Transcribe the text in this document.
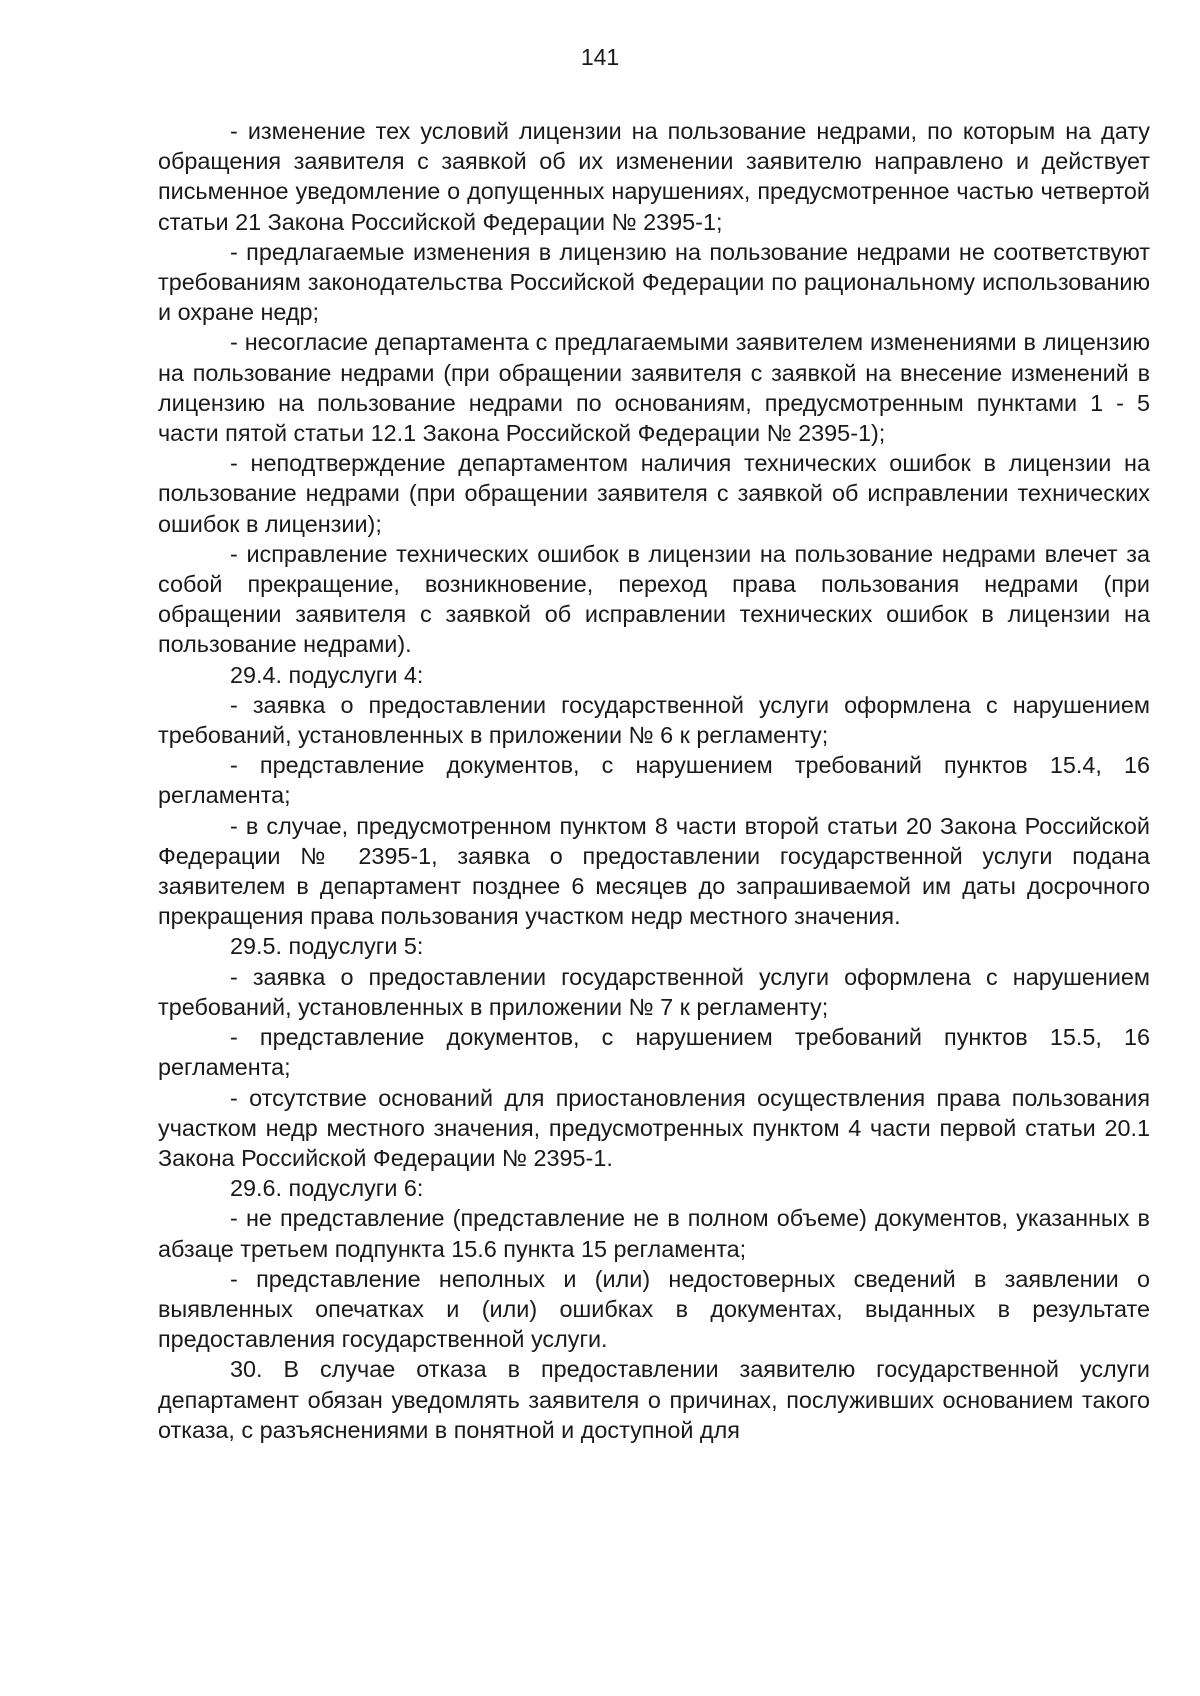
141

- изменение тех условий лицензии на пользование недрами, по которым на дату обращения заявителя с заявкой об их изменении заявителю направлено и действует письменное уведомление о допущенных нарушениях, предусмотренное частью четвертой статьи 21 Закона Российской Федерации № 2395-1;

- предлагаемые изменения в лицензию на пользование недрами не соответствуют требованиям законодательства Российской Федерации по рациональному использованию и охране недр;

- несогласие департамента с предлагаемыми заявителем изменениями в лицензию на пользование недрами (при обращении заявителя с заявкой на внесение изменений в лицензию на пользование недрами по основаниям, предусмотренным пунктами 1 - 5 части пятой статьи 12.1 Закона Российской Федерации № 2395-1);

- неподтверждение департаментом наличия технических ошибок в лицензии на пользование недрами (при обращении заявителя с заявкой об исправлении технических ошибок в лицензии);

- исправление технических ошибок в лицензии на пользование недрами влечет за собой прекращение, возникновение, переход права пользования недрами (при обращении заявителя с заявкой об исправлении технических ошибок в лицензии на пользование недрами).

29.4. подуслуги 4:

- заявка о предоставлении государственной услуги оформлена с нарушением требований, установленных в приложении № 6 к регламенту;

- представление документов, с нарушением требований пунктов 15.4, 16 регламента;

- в случае, предусмотренном пунктом 8 части второй статьи 20 Закона Российской Федерации № 2395-1, заявка о предоставлении государственной услуги подана заявителем в департамент позднее 6 месяцев до запрашиваемой им даты досрочного прекращения права пользования участком недр местного значения.

29.5. подуслуги 5:

- заявка о предоставлении государственной услуги оформлена с нарушением требований, установленных в приложении № 7 к регламенту;

- представление документов, с нарушением требований пунктов 15.5, 16 регламента;

- отсутствие оснований для приостановления осуществления права пользования участком недр местного значения, предусмотренных пунктом 4 части первой статьи 20.1 Закона Российской Федерации № 2395-1.

29.6. подуслуги 6:

- не представление (представление не в полном объеме) документов, указанных в абзаце третьем подпункта 15.6 пункта 15 регламента;

- представление неполных и (или) недостоверных сведений в заявлении о выявленных опечатках и (или) ошибках в документах, выданных в результате предоставления государственной услуги.

30. В случае отказа в предоставлении заявителю государственной услуги департамент обязан уведомлять заявителя о причинах, послуживших основанием такого отказа, с разъяснениями в понятной и доступной для
